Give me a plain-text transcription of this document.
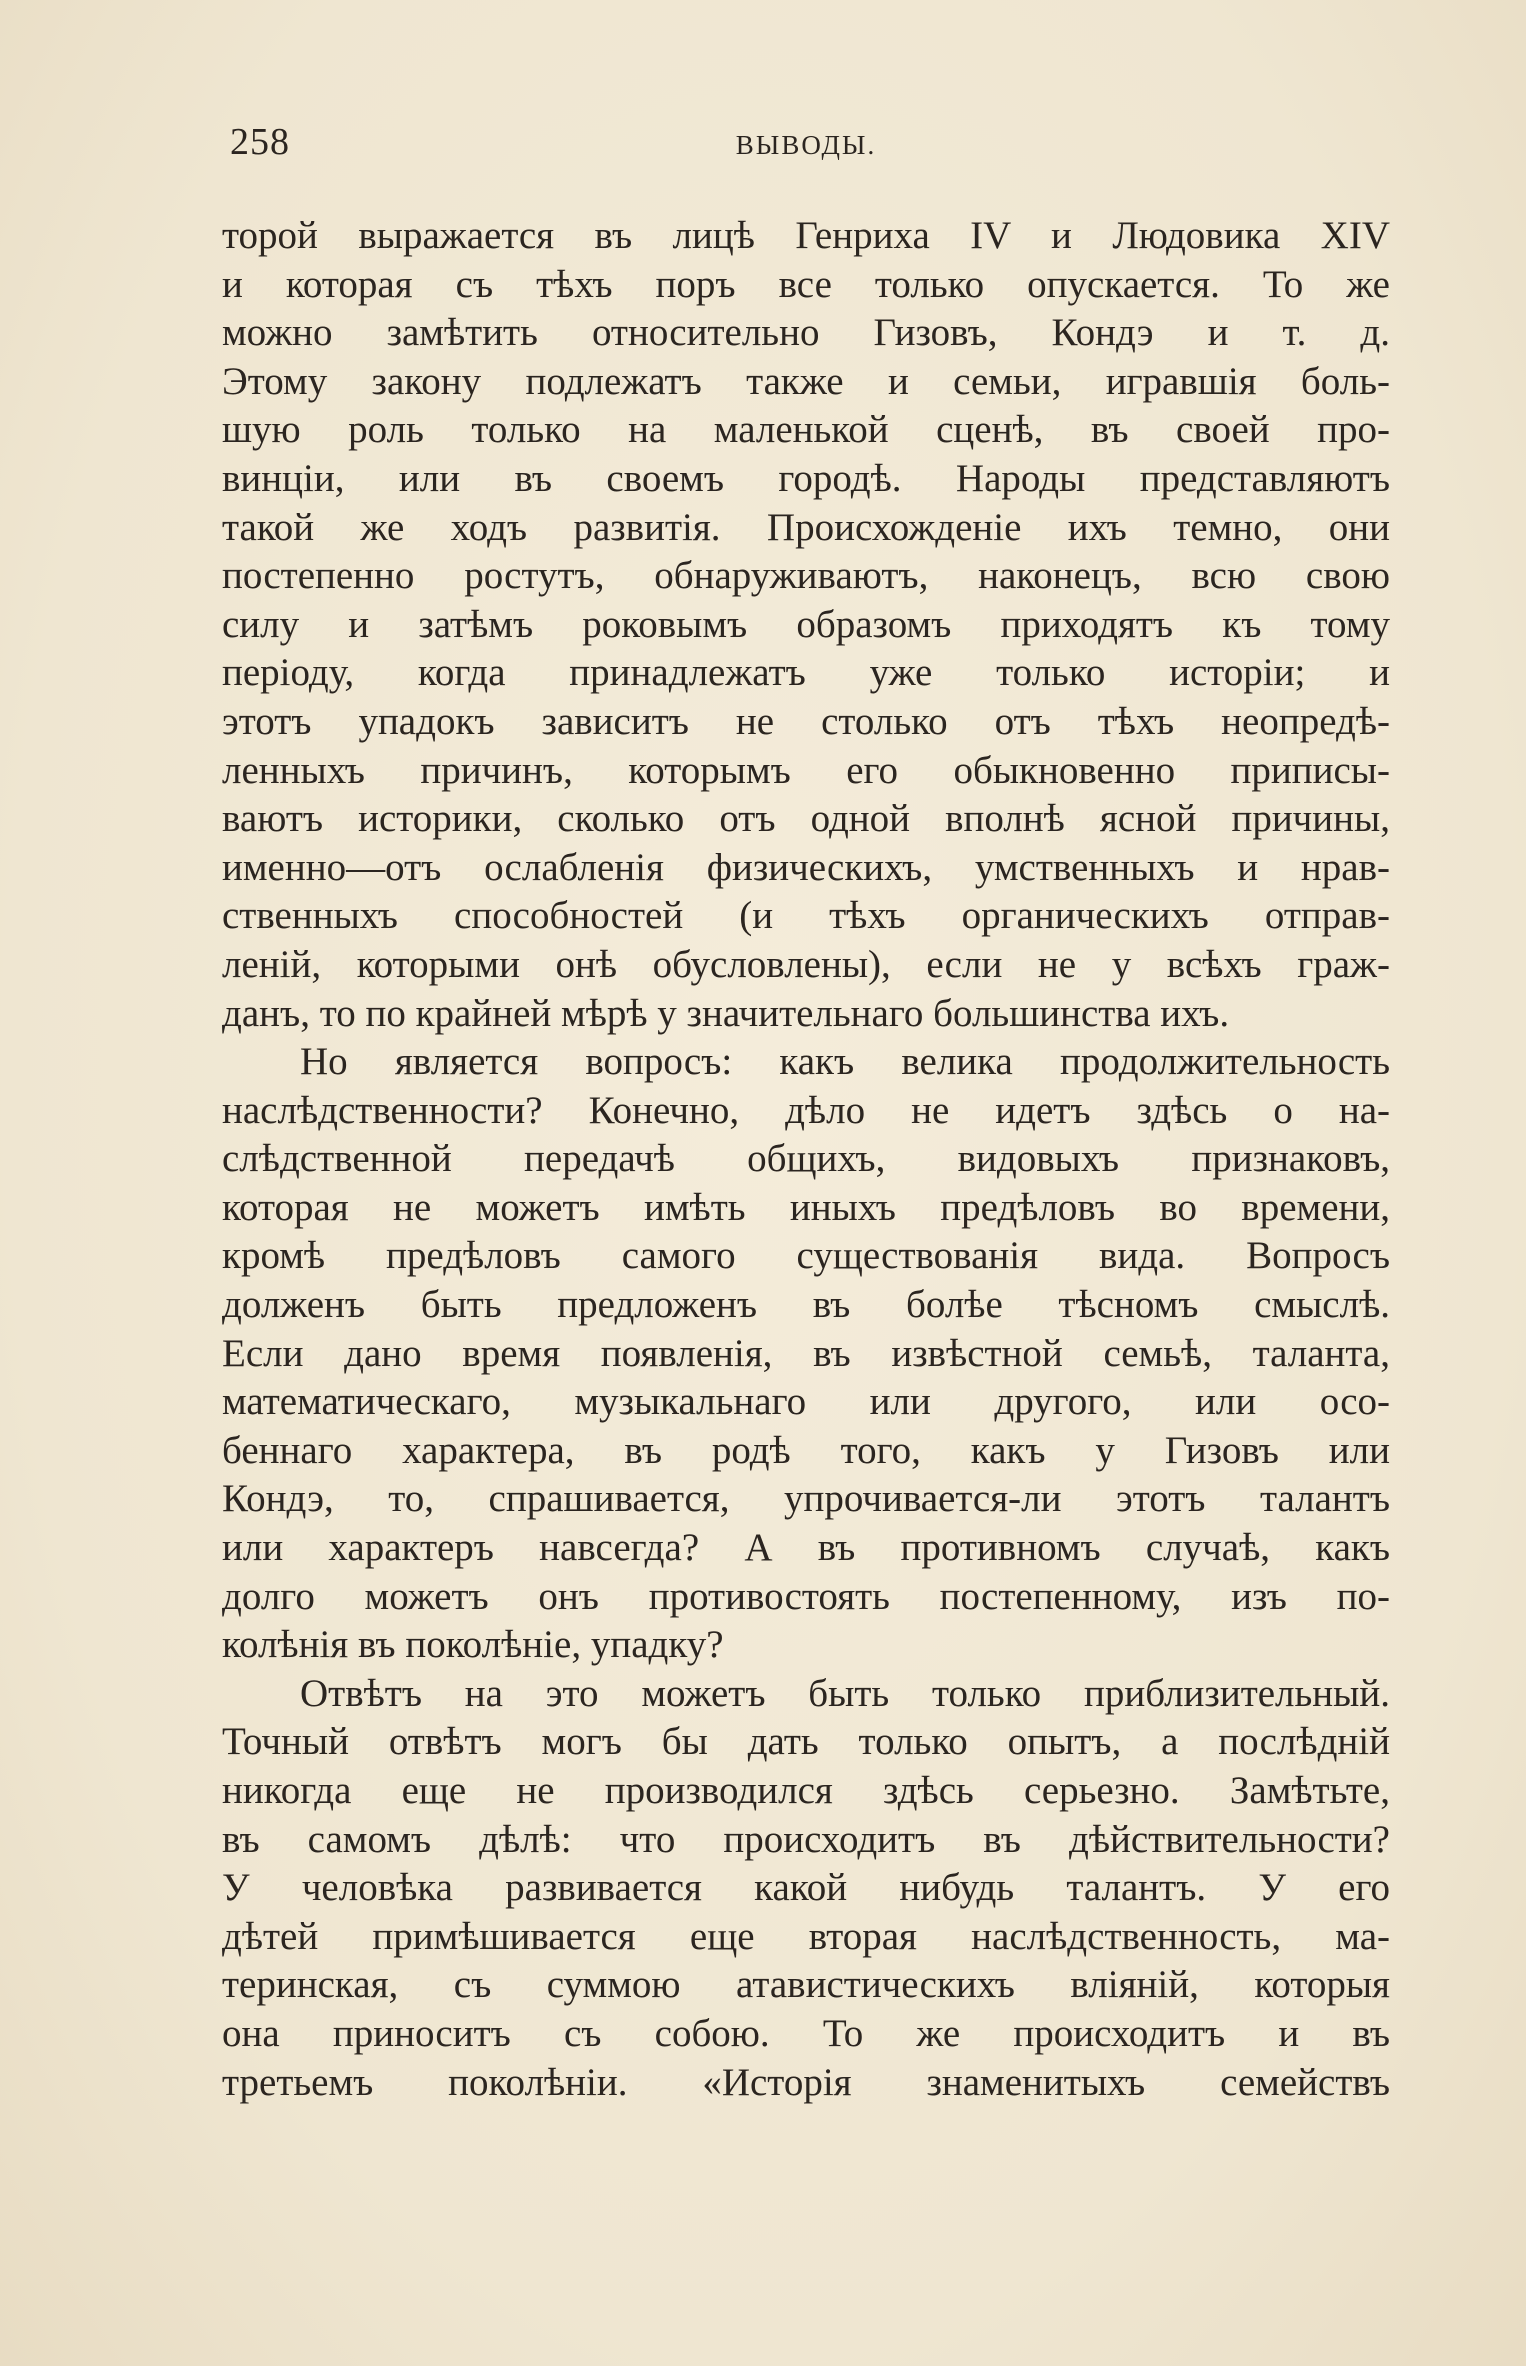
258	ВЫВОДЫ.
торой выражается въ лицѣ Генриха IV и Людовика XIV
и которая съ тѣхъ поръ все только опускается. То же
можно замѣтить относительно Гизовъ, Кондэ и т. д.
Этому закону подлежатъ также и семьи, игравшія боль-
шую роль только на маленькой сценѣ, въ своей про-
винціи, или въ своемъ городѣ. Народы представляютъ
такой же ходъ развитія. Происхожденіе ихъ темно, они
постепенно ростутъ, обнаруживаютъ, наконецъ, всю свою
силу и затѣмъ роковымъ образомъ приходятъ къ тому
періоду, когда принадлежатъ уже только исторіи; и
этотъ упадокъ зависитъ не столько отъ тѣхъ неопредѣ-
ленныхъ причинъ, которымъ его обыкновенно приписы-
ваютъ историки, сколько отъ одной вполнѣ ясной причины,
именно—отъ ослабленія физическихъ, умственныхъ и нрав-
ственныхъ способностей (и тѣхъ органическихъ отправ-
леній, которыми онѣ обусловлены), если не у всѣхъ граж-
данъ, то по крайней мѣрѣ у значительнаго большинства ихъ.
Но является вопросъ: какъ велика продолжительность
наслѣдственности? Конечно, дѣло не идетъ здѣсь о на-
слѣдственной передачѣ общихъ, видовыхъ признаковъ,
которая не можетъ имѣть иныхъ предѣловъ во времени,
кромѣ предѣловъ самого существованія вида. Вопросъ
долженъ быть предложенъ въ болѣе тѣсномъ смыслѣ.
Если дано время появленія, въ извѣстной семьѣ, таланта,
математическаго, музыкальнаго или другого, или осо-
беннаго характера, въ родѣ того, какъ у Гизовъ или
Кондэ, то, спрашивается, упрочивается-ли этотъ талантъ
или характеръ навсегда? А въ противномъ случаѣ, какъ
долго можетъ онъ противостоять постепенному, изъ по-
колѣнія въ поколѣніе, упадку?
Отвѣтъ на это можетъ быть только приблизительный.
Точный отвѣтъ могъ бы дать только опытъ, а послѣдній
никогда еще не производился здѣсь серьезно. Замѣтьте,
въ самомъ дѣлѣ: что происходитъ въ дѣйствительности?
У человѣка развивается какой нибудь талантъ. У его
дѣтей примѣшивается еще вторая наслѣдственность, ма-
теринская, съ суммою атавистическихъ вліяній, которыя
она приноситъ съ собою. То же происходитъ и въ
третьемъ поколѣніи. «Исторія знаменитыхъ семействъ
